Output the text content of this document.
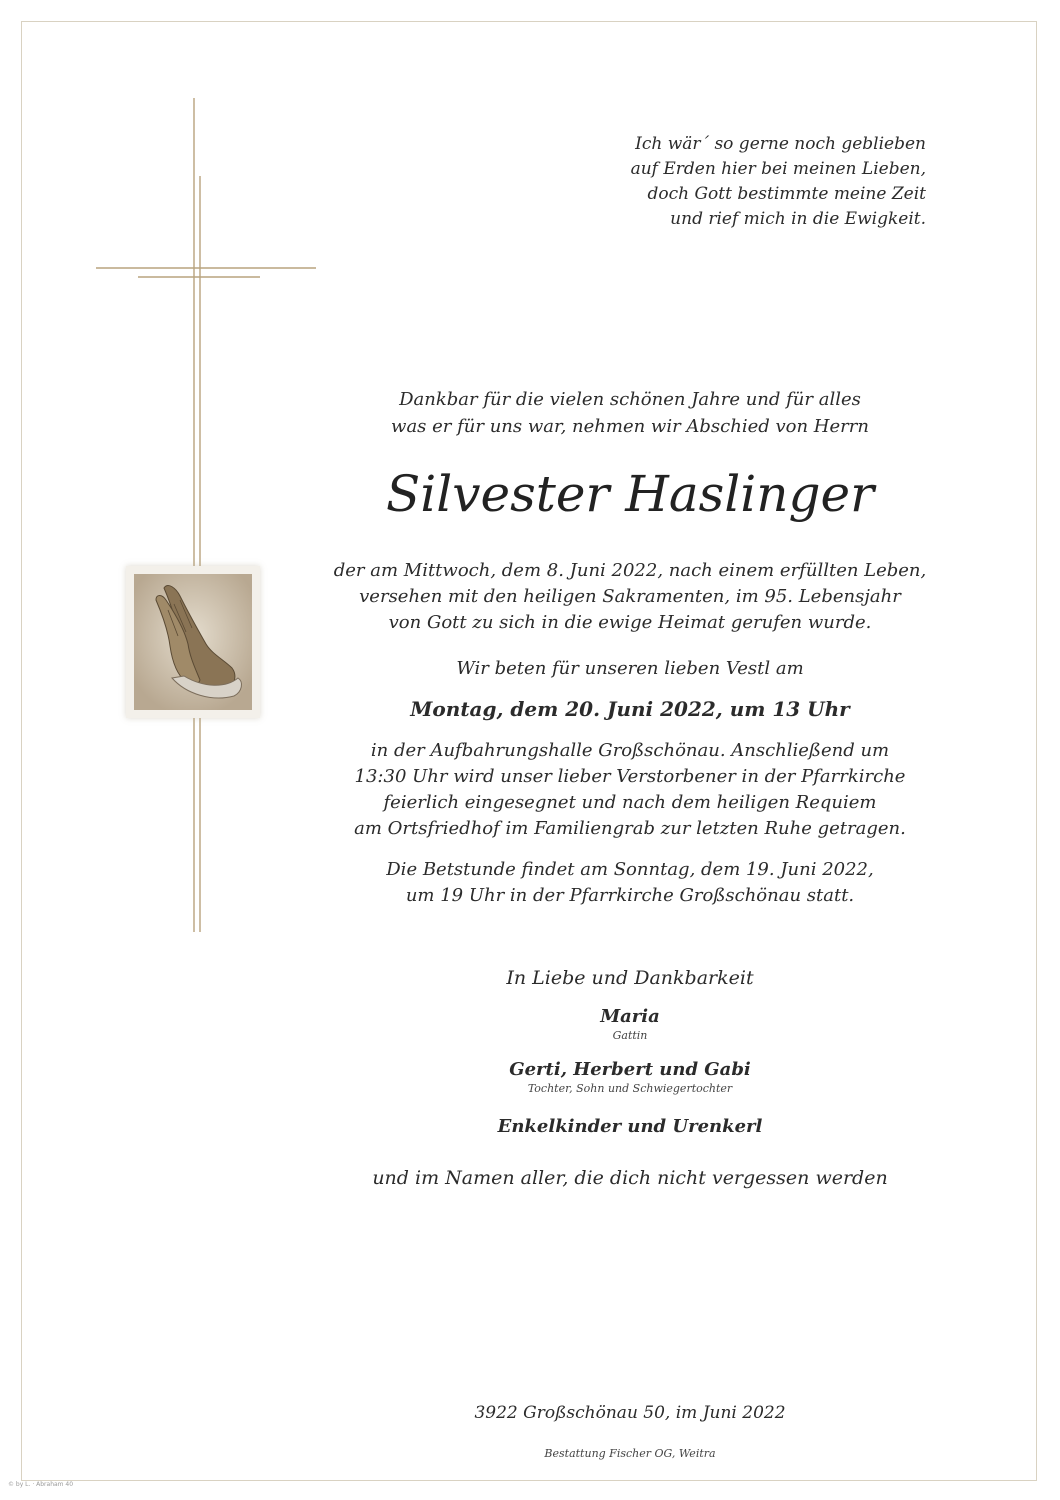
Ich wär´ so gerne noch geblieben
auf Erden hier bei meinen Lieben,
doch Gott bestimmte meine Zeit
und rief mich in die Ewigkeit.
Dankbar für die vielen schönen Jahre und für alles
was er für uns war, nehmen wir Abschied von Herrn
Silvester Haslinger
der am Mittwoch, dem 8. Juni 2022, nach einem erfüllten Leben,
versehen mit den heiligen Sakramenten, im 95. Lebensjahr
von Gott zu sich in die ewige Heimat gerufen wurde.
Wir beten für unseren lieben Vestl am
Montag, dem 20. Juni 2022, um 13 Uhr
in der Aufbahrungshalle Großschönau. Anschließend um
13:30 Uhr wird unser lieber Verstorbener in der Pfarrkirche
feierlich eingesegnet und nach dem heiligen Requiem
am Ortsfriedhof im Familiengrab zur letzten Ruhe getragen.
Die Betstunde findet am Sonntag, dem 19. Juni 2022,
um 19 Uhr in der Pfarrkirche Großschönau statt.
In Liebe und Dankbarkeit
Maria
Gattin
Gerti, Herbert und Gabi
Tochter, Sohn und Schwiegertochter
Enkelkinder und Urenkerl
und im Namen aller, die dich nicht vergessen werden
3922 Großschönau 50, im Juni 2022
Bestattung Fischer OG, Weitra
© by L. · Abraham 40
